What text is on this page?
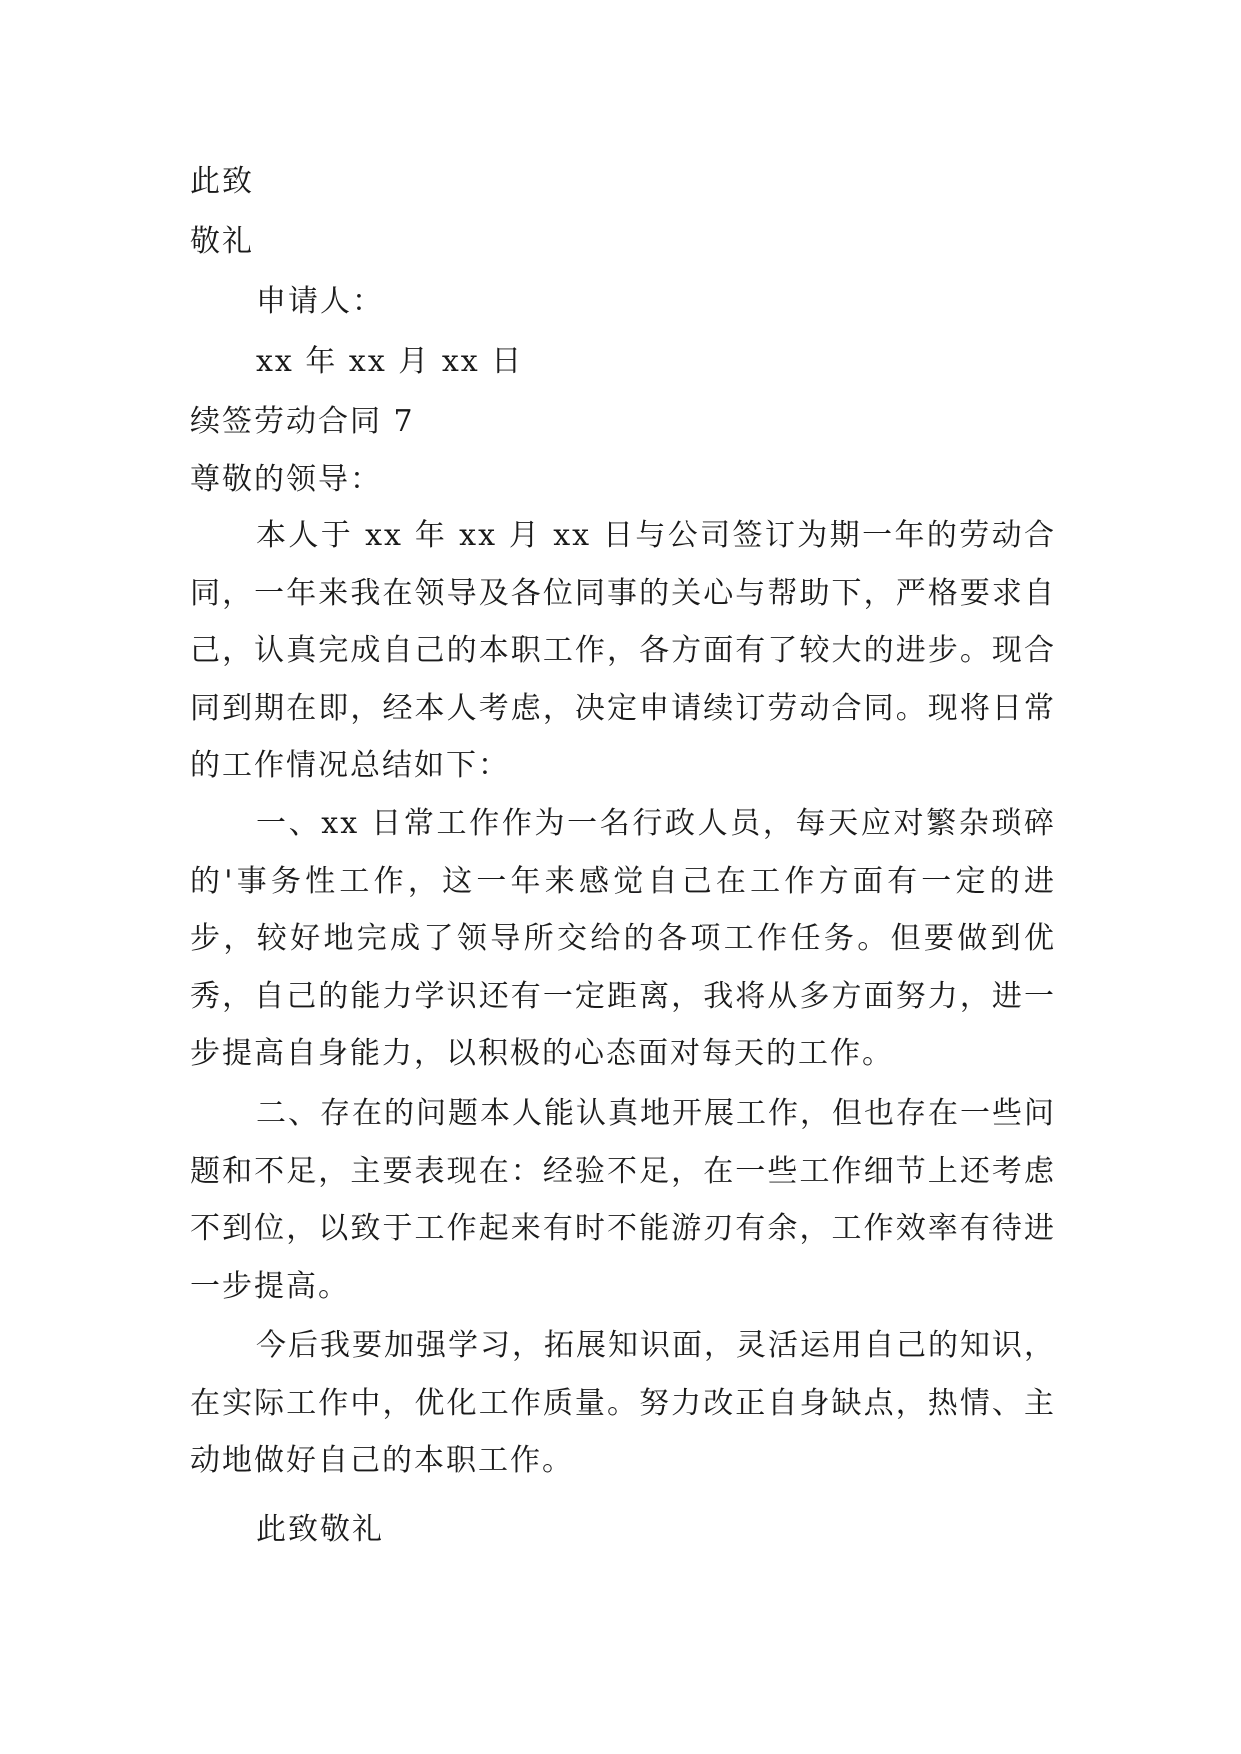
此致
敬礼
申请人：
xx 年 xx 月 xx 日
续签劳动合同 7
尊敬的领导：
本人于 xx 年 xx 月 xx 日与公司签订为期一年的劳动合同，一年来我在领导及各位同事的关心与帮助下，严格要求自己，认真完成自己的本职工作，各方面有了较大的进步。现合同到期在即，经本人考虑，决定申请续订劳动合同。现将日常的工作情况总结如下：
一、xx 日常工作作为一名行政人员，每天应对繁杂琐碎的'事务性工作，这一年来感觉自己在工作方面有一定的进步，较好地完成了领导所交给的各项工作任务。但要做到优秀，自己的能力学识还有一定距离，我将从多方面努力，进一步提高自身能力，以积极的心态面对每天的工作。
二、存在的问题本人能认真地开展工作，但也存在一些问题和不足，主要表现在：经验不足，在一些工作细节上还考虑不到位，以致于工作起来有时不能游刃有余，工作效率有待进一步提高。
今后我要加强学习，拓展知识面，灵活运用自己的知识，在实际工作中，优化工作质量。努力改正自身缺点，热情、主动地做好自己的本职工作。
此致敬礼
